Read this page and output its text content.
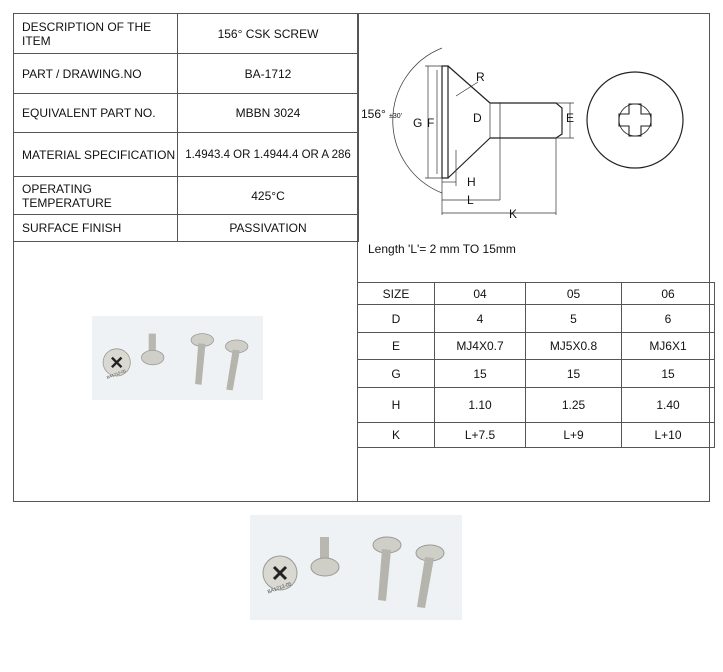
DESCRIPTION OF THE ITEM	156° CSK SCREW
PART / DRAWING.NO	BA-1712
EQUIVALENT PART NO.	MBBN 3024
MATERIAL SPECIFICATION	1.4943.4 OR 1.4944.4 OR A 286
OPERATING TEMPERATURE	425°C
SURFACE FINISH	PASSIVATION
156° ±30'
R
G F	D	E
H
L
K
Length 'L'= 2 mm TO 15mm
SIZE	04	05	06
D	4	5	6
E	MJ4X0.7	MJ5X0.8	MJ6X1
G	15	15	15
H	1.10	1.25	1.40
K	L+7.5	L+9	L+10
BA1712-05
BA1712-05
